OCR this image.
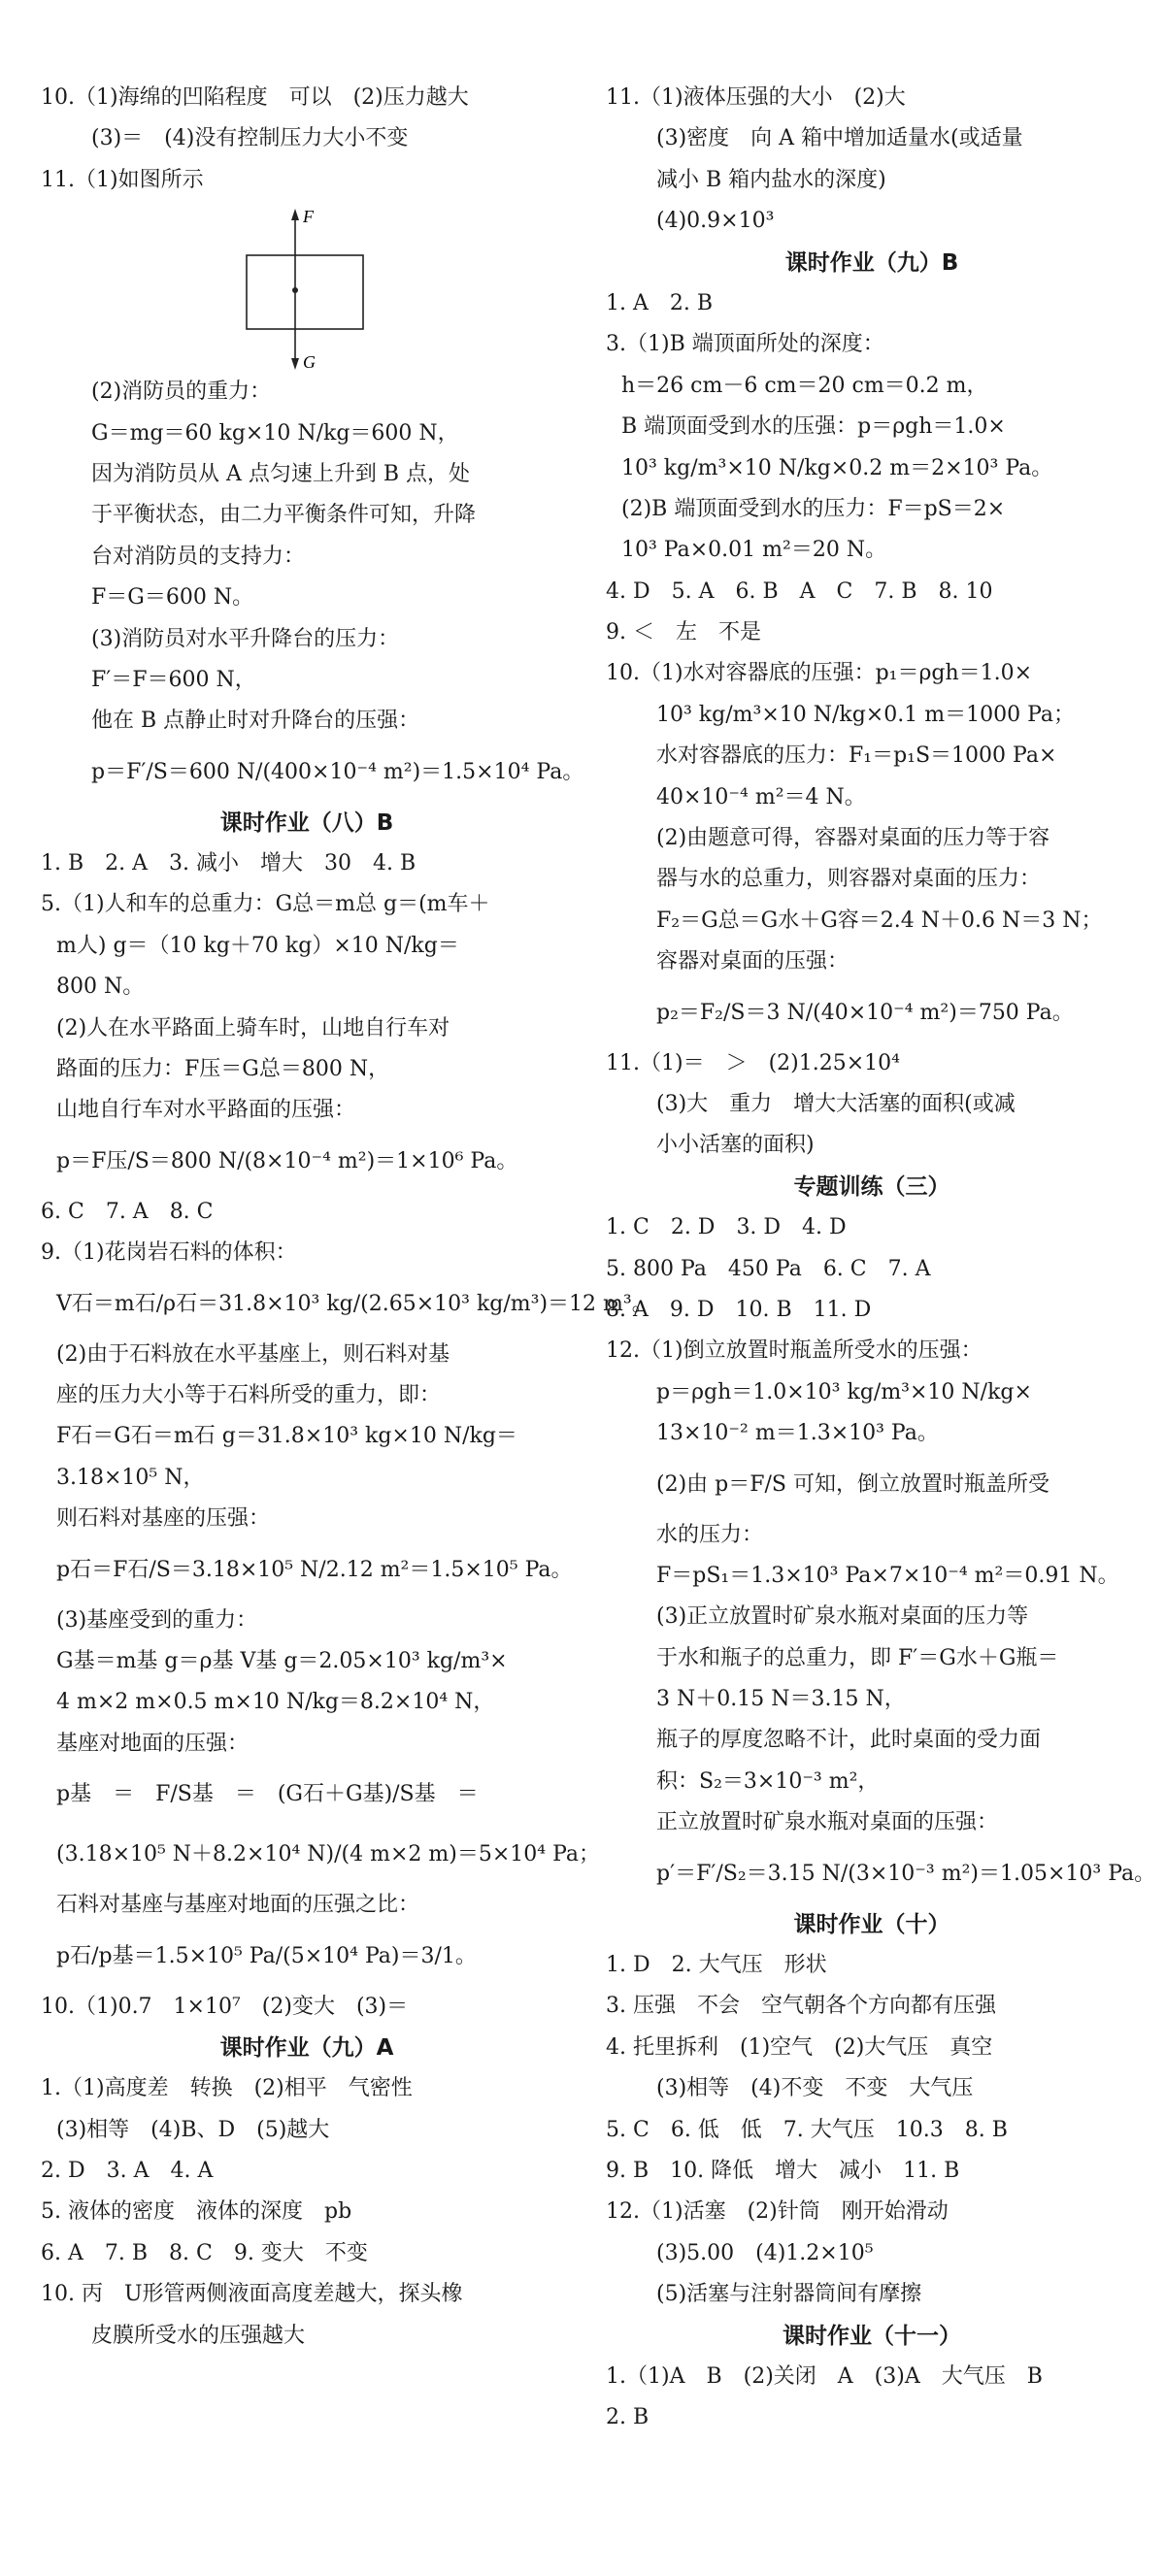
10.（1)海绵的凹陷程度　可以　(2)压力越大
(3)＝　(4)没有控制压力大小不变
11.（1)如图所示
F
G
(2)消防员的重力：
G＝mg＝60 kg×10 N/kg＝600 N，
因为消防员从 A 点匀速上升到 B 点，处
于平衡状态，由二力平衡条件可知，升降
台对消防员的支持力：
F＝G＝600 N。
(3)消防员对水平升降台的压力：
F′＝F＝600 N，
他在 B 点静止时对升降台的压强：
p＝F′/S＝600 N/(400×10⁻⁴ m²)＝1.5×10⁴ Pa。
课时作业（八）B
1. B　2. A　3. 减小　增大　30　4. B
5.（1)人和车的总重力：G总＝m总 g＝(m车＋
m人) g＝（10 kg＋70 kg）×10 N/kg＝
800 N。
(2)人在水平路面上骑车时，山地自行车对
路面的压力：F压＝G总＝800 N，
山地自行车对水平路面的压强：
p＝F压/S＝800 N/(8×10⁻⁴ m²)＝1×10⁶ Pa。
6. C　7. A　8. C
9.（1)花岗岩石料的体积：
V石＝m石/ρ石＝31.8×10³ kg/(2.65×10³ kg/m³)＝12 m³。
(2)由于石料放在水平基座上，则石料对基
座的压力大小等于石料所受的重力，即：
F石＝G石＝m石 g＝31.8×10³ kg×10 N/kg＝
3.18×10⁵ N，
则石料对基座的压强：
p石＝F石/S＝3.18×10⁵ N/2.12 m²＝1.5×10⁵ Pa。
(3)基座受到的重力：
G基＝m基 g＝ρ基 V基 g＝2.05×10³ kg/m³×
4 m×2 m×0.5 m×10 N/kg＝8.2×10⁴ N，
基座对地面的压强：
p基　＝　F/S基　＝　(G石＋G基)/S基　＝
(3.18×10⁵ N＋8.2×10⁴ N)/(4 m×2 m)＝5×10⁴ Pa；
石料对基座与基座对地面的压强之比：
p石/p基＝1.5×10⁵ Pa/(5×10⁴ Pa)＝3/1。
10.（1)0.7　1×10⁷　(2)变大　(3)＝
课时作业（九）A
1.（1)高度差　转换　(2)相平　气密性
(3)相等　(4)B、D　(5)越大
2. D　3. A　4. A
5. 液体的密度　液体的深度　pb
6. A　7. B　8. C　9. 变大　不变
10. 丙　U形管两侧液面高度差越大，探头橡
皮膜所受水的压强越大
11.（1)液体压强的大小　(2)大
(3)密度　向 A 箱中增加适量水(或适量
减小 B 箱内盐水的深度)
(4)0.9×10³
课时作业（九）B
1. A　2. B
3.（1)B 端顶面所处的深度：
h＝26 cm－6 cm＝20 cm＝0.2 m，
B 端顶面受到水的压强：p＝ρgh＝1.0×
10³ kg/m³×10 N/kg×0.2 m＝2×10³ Pa。
(2)B 端顶面受到水的压力：F＝pS＝2×
10³ Pa×0.01 m²＝20 N。
4. D　5. A　6. B　A　C　7. B　8. 10
9. ＜　左　不是
10.（1)水对容器底的压强：p₁＝ρgh＝1.0×
10³ kg/m³×10 N/kg×0.1 m＝1000 Pa；
水对容器底的压力：F₁＝p₁S＝1000 Pa×
40×10⁻⁴ m²＝4 N。
(2)由题意可得，容器对桌面的压力等于容
器与水的总重力，则容器对桌面的压力：
F₂＝G总＝G水＋G容＝2.4 N＋0.6 N＝3 N；
容器对桌面的压强：
p₂＝F₂/S＝3 N/(40×10⁻⁴ m²)＝750 Pa。
11.（1)＝　＞　(2)1.25×10⁴
(3)大　重力　增大大活塞的面积(或减
小小活塞的面积)
专题训练（三）
1. C　2. D　3. D　4. D
5. 800 Pa　450 Pa　6. C　7. A
8. A　9. D　10. B　11. D
12.（1)倒立放置时瓶盖所受水的压强：
p＝ρgh＝1.0×10³ kg/m³×10 N/kg×
13×10⁻² m＝1.3×10³ Pa。
(2)由 p＝F/S 可知，倒立放置时瓶盖所受
水的压力：
F＝pS₁＝1.3×10³ Pa×7×10⁻⁴ m²＝0.91 N。
(3)正立放置时矿泉水瓶对桌面的压力等
于水和瓶子的总重力，即 F′＝G水＋G瓶＝
3 N＋0.15 N＝3.15 N，
瓶子的厚度忽略不计，此时桌面的受力面
积：S₂＝3×10⁻³ m²，
正立放置时矿泉水瓶对桌面的压强：
p′＝F′/S₂＝3.15 N/(3×10⁻³ m²)＝1.05×10³ Pa。
课时作业（十）
1. D　2. 大气压　形状
3. 压强　不会　空气朝各个方向都有压强
4. 托里拆利　(1)空气　(2)大气压　真空
(3)相等　(4)不变　不变　大气压
5. C　6. 低　低　7. 大气压　10.3　8. B
9. B　10. 降低　增大　减小　11. B
12.（1)活塞　(2)针筒　刚开始滑动
(3)5.00　(4)1.2×10⁵
(5)活塞与注射器筒间有摩擦
课时作业（十一）
1.（1)A　B　(2)关闭　A　(3)A　大气压　B
2. B
